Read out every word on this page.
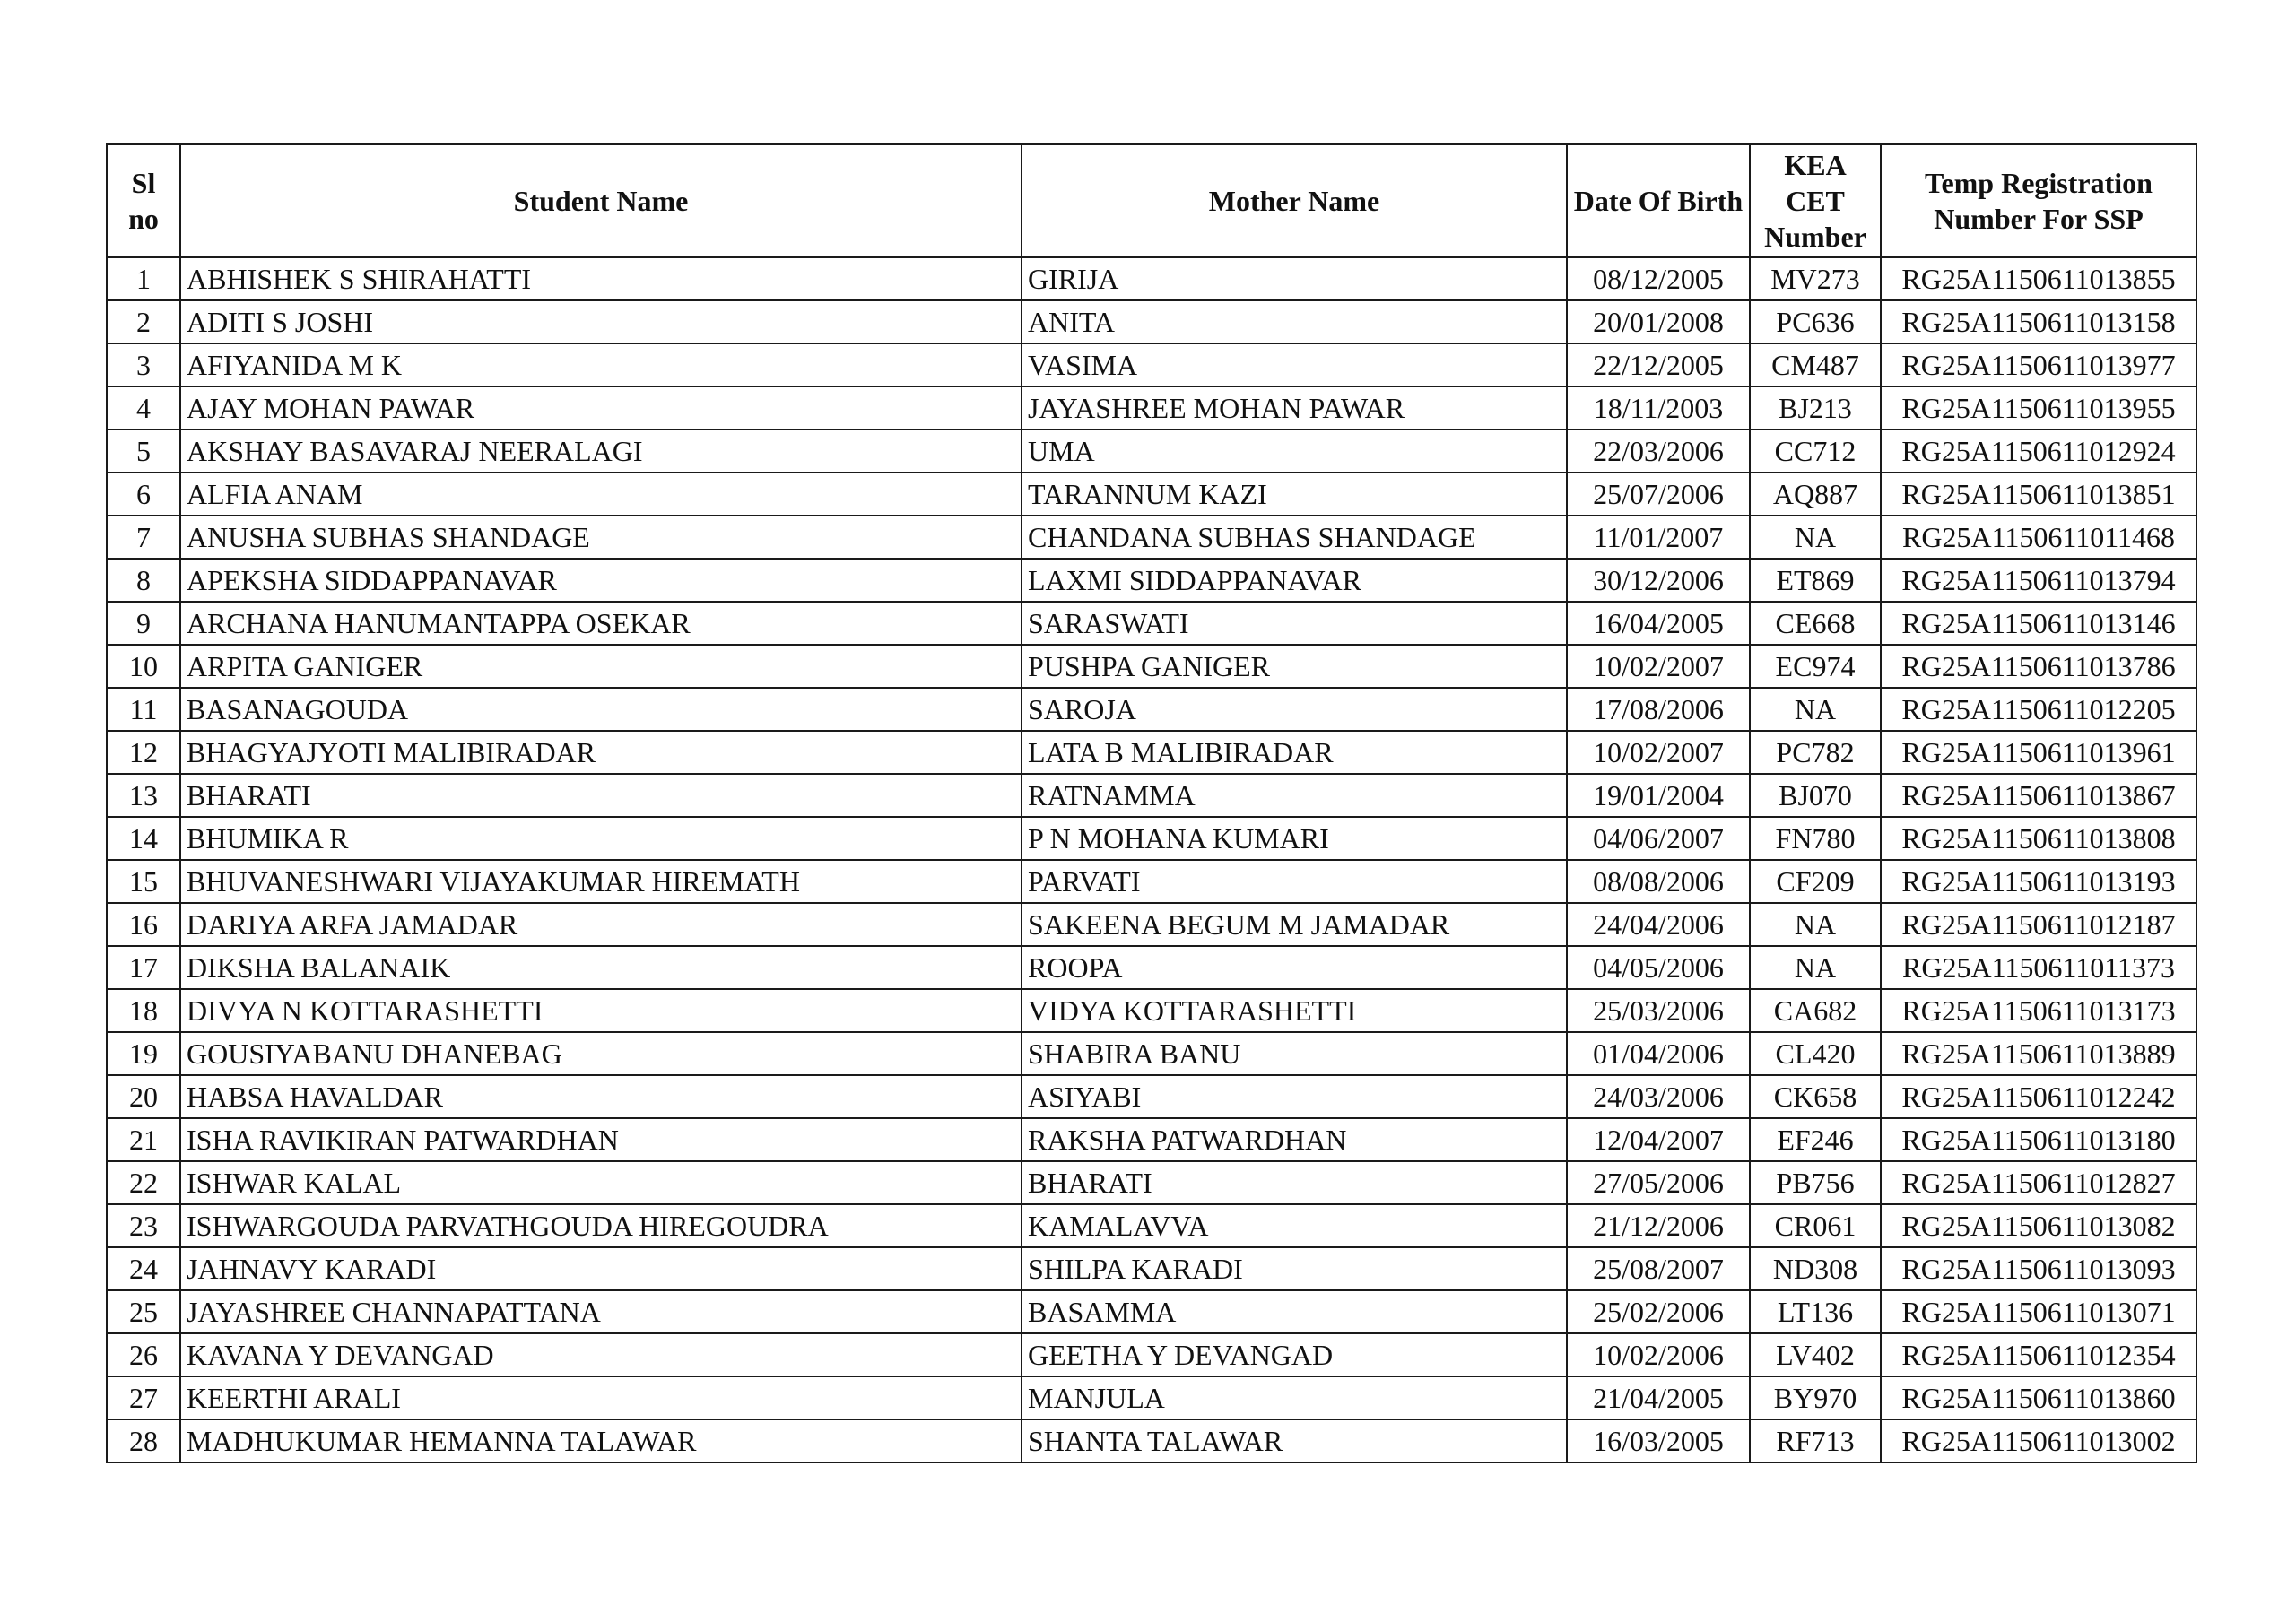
Sl no	Student Name	Mother Name	Date Of Birth	KEA CET Number	Temp Registration Number For SSP
1	ABHISHEK S SHIRAHATTI	GIRIJA	08/12/2005	MV273	RG25A1150611013855
2	ADITI S JOSHI	ANITA	20/01/2008	PC636	RG25A1150611013158
3	AFIYANIDA M K	VASIMA	22/12/2005	CM487	RG25A1150611013977
4	AJAY MOHAN PAWAR	JAYASHREE MOHAN PAWAR	18/11/2003	BJ213	RG25A1150611013955
5	AKSHAY BASAVARAJ NEERALAGI	UMA	22/03/2006	CC712	RG25A1150611012924
6	ALFIA ANAM	TARANNUM KAZI	25/07/2006	AQ887	RG25A1150611013851
7	ANUSHA SUBHAS SHANDAGE	CHANDANA SUBHAS SHANDAGE	11/01/2007	NA	RG25A1150611011468
8	APEKSHA SIDDAPPANAVAR	LAXMI SIDDAPPANAVAR	30/12/2006	ET869	RG25A1150611013794
9	ARCHANA HANUMANTAPPA OSEKAR	SARASWATI	16/04/2005	CE668	RG25A1150611013146
10	ARPITA GANIGER	PUSHPA GANIGER	10/02/2007	EC974	RG25A1150611013786
11	BASANAGOUDA	SAROJA	17/08/2006	NA	RG25A1150611012205
12	BHAGYAJYOTI MALIBIRADAR	LATA B MALIBIRADAR	10/02/2007	PC782	RG25A1150611013961
13	BHARATI	RATNAMMA	19/01/2004	BJ070	RG25A1150611013867
14	BHUMIKA R	P N MOHANA KUMARI	04/06/2007	FN780	RG25A1150611013808
15	BHUVANESHWARI VIJAYAKUMAR HIREMATH	PARVATI	08/08/2006	CF209	RG25A1150611013193
16	DARIYA ARFA JAMADAR	SAKEENA BEGUM M JAMADAR	24/04/2006	NA	RG25A1150611012187
17	DIKSHA BALANAIK	ROOPA	04/05/2006	NA	RG25A1150611011373
18	DIVYA N KOTTARASHETTI	VIDYA KOTTARASHETTI	25/03/2006	CA682	RG25A1150611013173
19	GOUSIYABANU DHANEBAG	SHABIRA BANU	01/04/2006	CL420	RG25A1150611013889
20	HABSA HAVALDAR	ASIYABI	24/03/2006	CK658	RG25A1150611012242
21	ISHA RAVIKIRAN PATWARDHAN	RAKSHA PATWARDHAN	12/04/2007	EF246	RG25A1150611013180
22	ISHWAR KALAL	BHARATI	27/05/2006	PB756	RG25A1150611012827
23	ISHWARGOUDA PARVATHGOUDA HIREGOUDRA	KAMALAVVA	21/12/2006	CR061	RG25A1150611013082
24	JAHNAVY KARADI	SHILPA KARADI	25/08/2007	ND308	RG25A1150611013093
25	JAYASHREE CHANNAPATTANA	BASAMMA	25/02/2006	LT136	RG25A1150611013071
26	KAVANA Y DEVANGAD	GEETHA Y DEVANGAD	10/02/2006	LV402	RG25A1150611012354
27	KEERTHI ARALI	MANJULA	21/04/2005	BY970	RG25A1150611013860
28	MADHUKUMAR HEMANNA TALAWAR	SHANTA TALAWAR	16/03/2005	RF713	RG25A1150611013002
